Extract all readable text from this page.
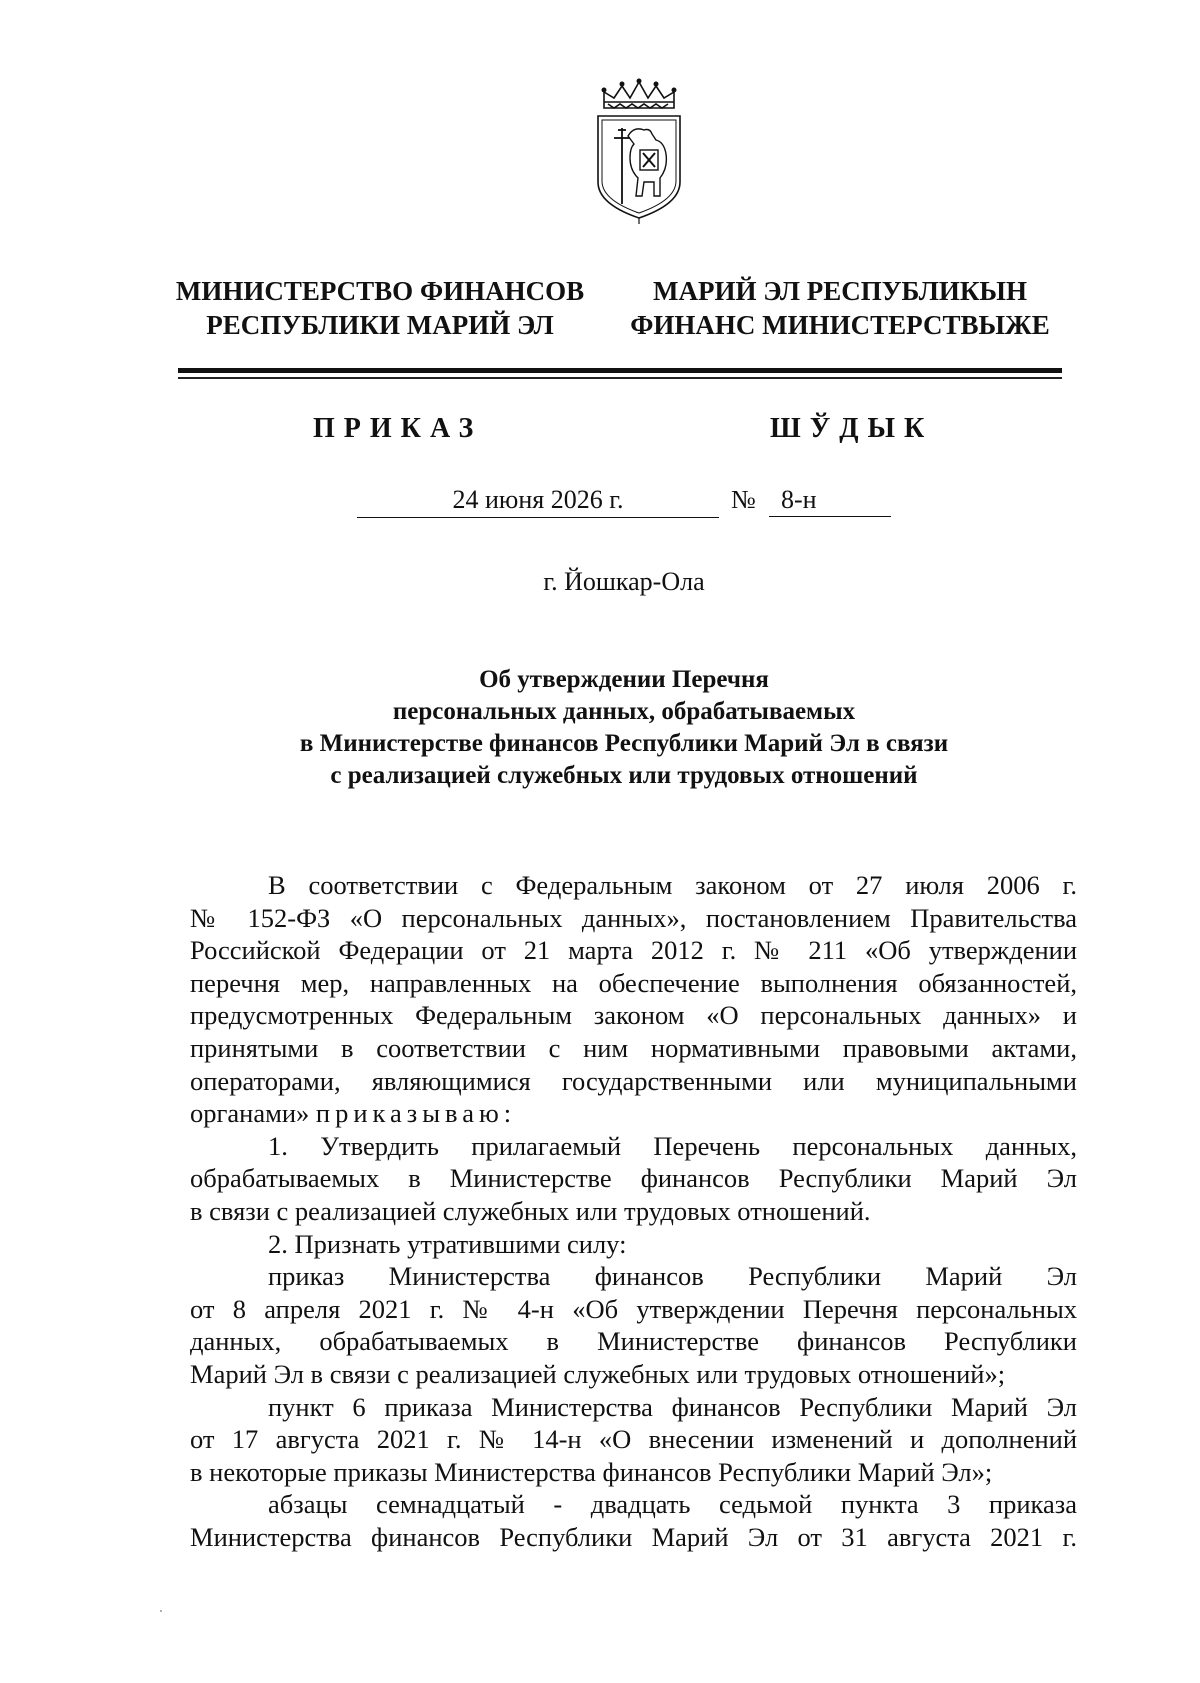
МИНИСТЕРСТВО ФИНАНСОВ
РЕСПУБЛИКИ МАРИЙ ЭЛ
МАРИЙ ЭЛ РЕСПУБЛИКЫН
ФИНАНС МИНИСТЕРСТВЫЖЕ
ПРИКАЗ	ШЎДЫК
24 июня 2026 г.	№ 8-н
г. Йошкар-Ола
Об утверждении Перечня
персональных данных, обрабатываемых
в Министерстве финансов Республики Марий Эл в связи
с реализацией служебных или трудовых отношений

В соответствии с Федеральным законом от 27 июля 2006 г.

№ 152-ФЗ «О персональных данных», постановлением Правительства

Российской Федерации от 21 марта 2012 г. № 211 «Об утверждении

перечня мер, направленных на обеспечение выполнения обязанностей,

предусмотренных Федеральным законом «О персональных данных» и

принятыми в соответствии с ним нормативными правовыми актами,

операторами, являющимися государственными или муниципальными

органами» приказываю:

1. Утвердить прилагаемый Перечень персональных данных,

обрабатываемых в Министерстве финансов Республики Марий Эл

в связи с реализацией служебных или трудовых отношений.

2. Признать утратившими силу:

приказ Министерства финансов Республики Марий Эл

от 8 апреля 2021 г. № 4-н «Об утверждении Перечня персональных

данных, обрабатываемых в Министерстве финансов Республики

Марий Эл в связи с реализацией служебных или трудовых отношений»;

пункт 6 приказа Министерства финансов Республики Марий Эл

от 17 августа 2021 г. № 14-н «О внесении изменений и дополнений

в некоторые приказы Министерства финансов Республики Марий Эл»;

абзацы семнадцатый - двадцать седьмой пункта 3 приказа

Министерства финансов Республики Марий Эл от 31 августа 2021 г.
